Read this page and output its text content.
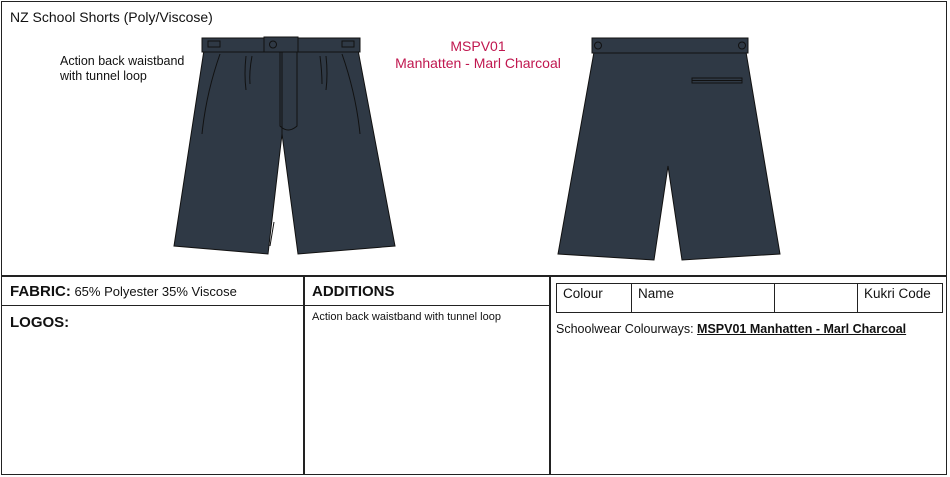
NZ School Shorts (Poly/Viscose)
Action back waistband
with tunnel loop
MSPV01
Manhatten - Marl Charcoal
FABRIC: 65% Polyester 35% Viscose
LOGOS:
ADDITIONS
Action back waistband with tunnel loop
Colour	Name		Kukri Code
Schoolwear Colourways: MSPV01 Manhatten - Marl Charcoal
